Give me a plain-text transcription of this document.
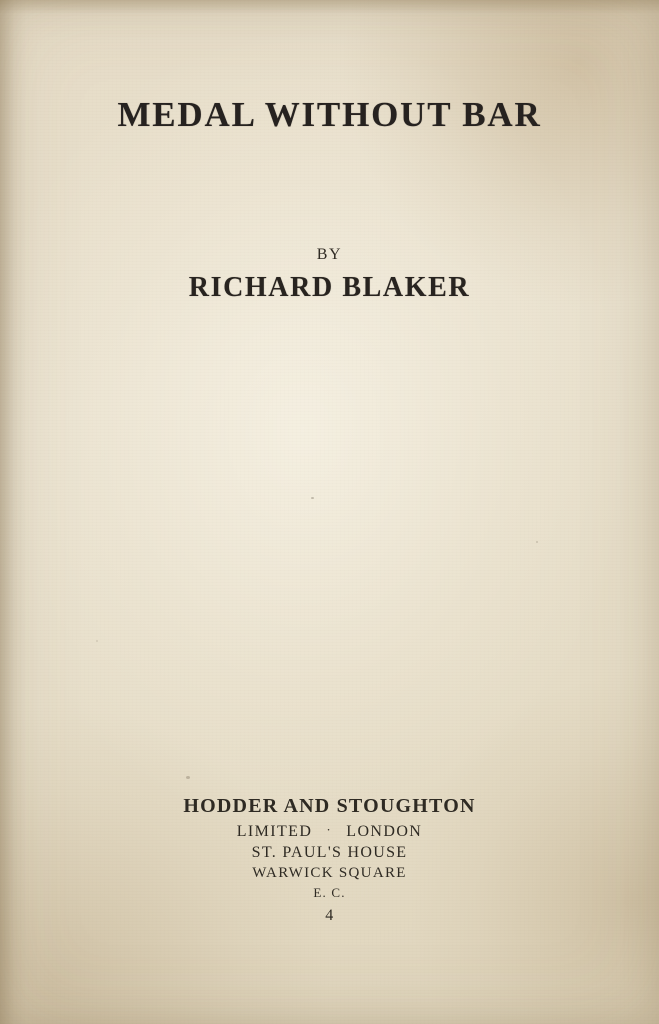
MEDAL WITHOUT BAR
BY
RICHARD BLAKER
HODDER AND STOUGHTON
LIMITED · LONDON
ST. PAUL'S HOUSE
WARWICK SQUARE
E. C.
4
